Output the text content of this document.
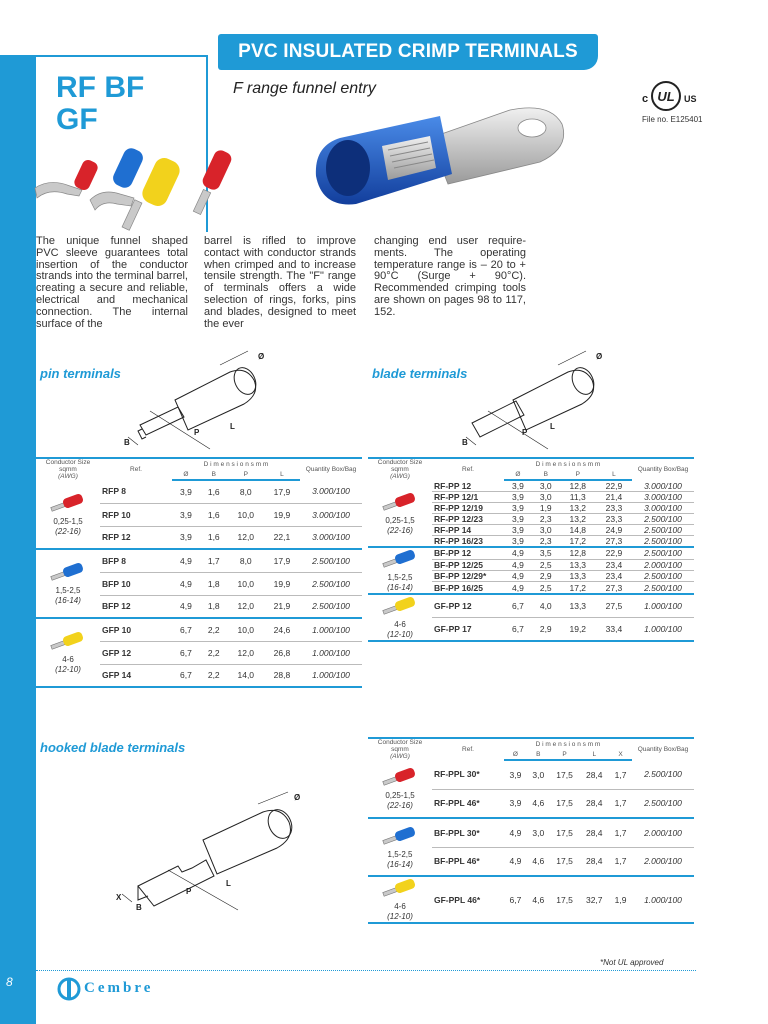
8
PVC INSULATED CRIMP TERMINALS
RF BF
GF
F range funnel entry
c UL US
File no. E125401
The unique funnel shaped PVC sleeve guarantees total insertion of the conductor strands into the terminal barrel, creating a secure and reliable, electrical and mechanical connection. The internal surface of the
barrel is rifled to improve contact with conductor strands when crimped and to increase tensile strength. The "F" range of terminals offers a wide selection of rings, forks, pins and blades, designed to meet the ever
changing end user require-ments. The operating temperature range is – 20 to + 90°C (Surge + 90°C). Recommended crimping tools are shown on pages 98 to 117, 152.
pin terminals	blade terminals
hooked blade terminals
Ø
B
P
L
Ø
B
P
L
Ø
X
B
P
L
Conductor Size sqmm
(AWG)	Ref.	D i m e n s i o n s m m				Quantity Box/Bag
		Ø	B	P	L	

0,25-1,5
(22-16)	RFP 8	3,9	1,6	8,0	17,9	3.000/100
	RFP 10	3,9	1,6	10,0	19,9	3.000/100
	RFP 12	3,9	1,6	12,0	22,1	3.000/100

1,5-2,5
(16-14)	BFP 8	4,9	1,7	8,0	17,9	2.500/100
	BFP 10	4,9	1,8	10,0	19,9	2.500/100
	BFP 12	4,9	1,8	12,0	21,9	2.500/100

4-6
(12-10)	GFP 10	6,7	2,2	10,0	24,6	1.000/100
	GFP 12	6,7	2,2	12,0	26,8	1.000/100
	GFP 14	6,7	2,2	14,0	28,8	1.000/100
Conductor Size sqmm
(AWG)	Ref.	D i m e n s i o n s m m				Quantity Box/Bag
		Ø	B	P	L	

0,25-1,5
(22-16)	RF-PP 12	3,9	3,0	12,8	22,9	3.000/100
	RF-PP 12/1	3,9	3,0	11,3	21,4	3.000/100
	RF-PP 12/19	3,9	1,9	13,2	23,3	3.000/100
	RF-PP 12/23	3,9	2,3	13,2	23,3	2.500/100
	RF-PP 14	3,9	3,0	14,8	24,9	2.500/100
	RF-PP 16/23	3,9	2,3	17,2	27,3	2.500/100

1,5-2,5
(16-14)	BF-PP 12	4,9	3,5	12,8	22,9	2.500/100
	BF-PP 12/25	4,9	2,5	13,3	23,4	2.000/100
	BF-PP 12/29*	4,9	2,9	13,3	23,4	2.500/100
	BF-PP 16/25	4,9	2,5	17,2	27,3	2.500/100

4-6
(12-10)	GF-PP 12	6,7	4,0	13,3	27,5	1.000/100
	GF-PP 17	6,7	2,9	19,2	33,4	1.000/100
Conductor Size sqmm
(AWG)	Ref.	D i m e n s i o n s m m					Quantity Box/Bag
		Ø	B	P	L	X	

0,25-1,5
(22-16)	RF-PPL 30*	3,9	3,0	17,5	28,4	1,7	2.500/100
	RF-PPL 46*	3,9	4,6	17,5	28,4	1,7	2.500/100

1,5-2,5
(16-14)	BF-PPL 30*	4,9	3,0	17,5	28,4	1,7	2.000/100
	BF-PPL 46*	4,9	4,6	17,5	28,4	1,7	2.000/100

4-6
(12-10)	GF-PPL 46*	6,7	4,6	17,5	32,7	1,9	1.000/100
*Not UL approved
Cembre
